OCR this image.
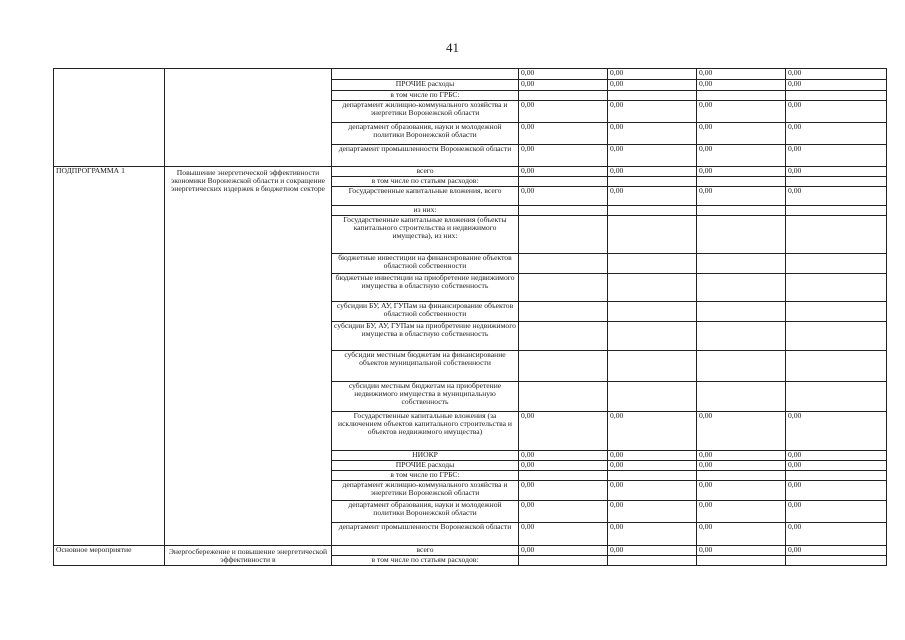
41
			0,00	0,00	0,00	0,00
		ПРОЧИЕ расходы	0,00	0,00	0,00	0,00
		в том числе по ГРБС:				
		департамент жилищно-коммунального хозяйства и энергетики Воронежской области	0,00	0,00	0,00	0,00
		департамент образования, науки и молодежной политики Воронежской области	0,00	0,00	0,00	0,00
		департамент промышленности Воронежской области	0,00	0,00	0,00	0,00
ПОДПРОГРАММА 1	Повышение энергетической эффективности экономики Воронежской области и сокращение энергетических издержек в бюджетном секторе	всего	0,00	0,00	0,00	0,00
		в том числе по статьям расходов:				
		Государственные капитальные вложения, всего	0,00	0,00	0,00	0,00
		из них:				
		Государственные капитальные вложения (объекты капитального строительства и недвижимого имущества), из них:				
		бюджетные инвестиции на финансирование объектов областной собственности				
		бюджетные инвестиции на приобретение недвижимого имущества в областную собственность				
		субсидии БУ, АУ, ГУПам на финансирование объектов областной собственности				
		субсидии БУ, АУ, ГУПам на приобретение недвижимого имущества в областную собственность				
		субсидии местным бюджетам на финансирование объектов муниципальной собственности				
		субсидии местным бюджетам на приобретение недвижимого имущества в муниципальную собственность				
		Государственные капитальные вложения (за исключением объектов капитального строительства и объектов недвижимого имущества)	0,00	0,00	0,00	0,00
		НИОКР	0,00	0,00	0,00	0,00
		ПРОЧИЕ расходы	0,00	0,00	0,00	0,00
		в том числе по ГРБС:				
		департамент жилищно-коммунального хозяйства и энергетики Воронежской области	0,00	0,00	0,00	0,00
		департамент образования, науки и молодежной политики Воронежской области	0,00	0,00	0,00	0,00
		департамент промышленности Воронежской области	0,00	0,00	0,00	0,00
Основное мероприятие	Энергосбережение и повышение энергетической эффективности в	всего	0,00	0,00	0,00	0,00
		в том числе по статьям расходов:				
